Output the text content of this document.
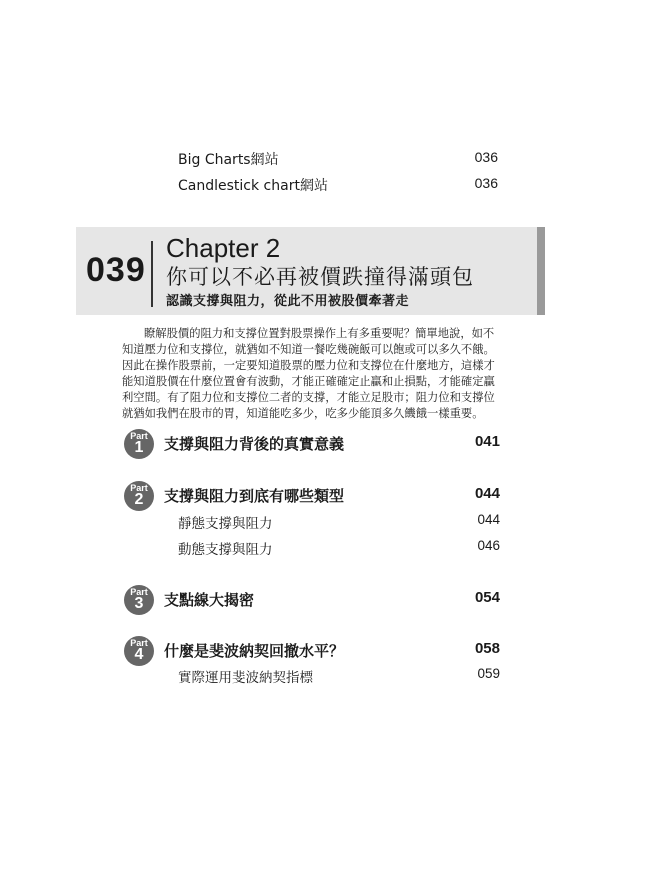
Big Charts網站	036
Candlestick chart網站	036
039
Chapter 2
你可以不必再被價跌撞得滿頭包
認識支撐與阻力，從此不用被股價牽著走

瞭解股價的阻力和支撐位置對股票操作上有多重要呢？簡單地說，如不

知道壓力位和支撐位，就猶如不知道一餐吃幾碗飯可以飽或可以多久不餓。

因此在操作股票前，一定要知道股票的壓力位和支撐位在什麼地方，這樣才

能知道股價在什麼位置會有波動，才能正確確定止贏和止損點，才能確定贏

利空間。有了阻力位和支撐位二者的支撐，才能立足股市；阻力位和支撐位

就猶如我們在股市的胃，知道能吃多少，吃多少能頂多久饑餓一樣重要。

Part
1	支撐與阻力背後的真實意義	041
Part
2	支撐與阻力到底有哪些類型	044
靜態支撐與阻力	044
動態支撐與阻力	046
Part
3	支點線大揭密	054
Part
4	什麼是斐波納契回撤水平？	058
實際運用斐波納契指標	059
